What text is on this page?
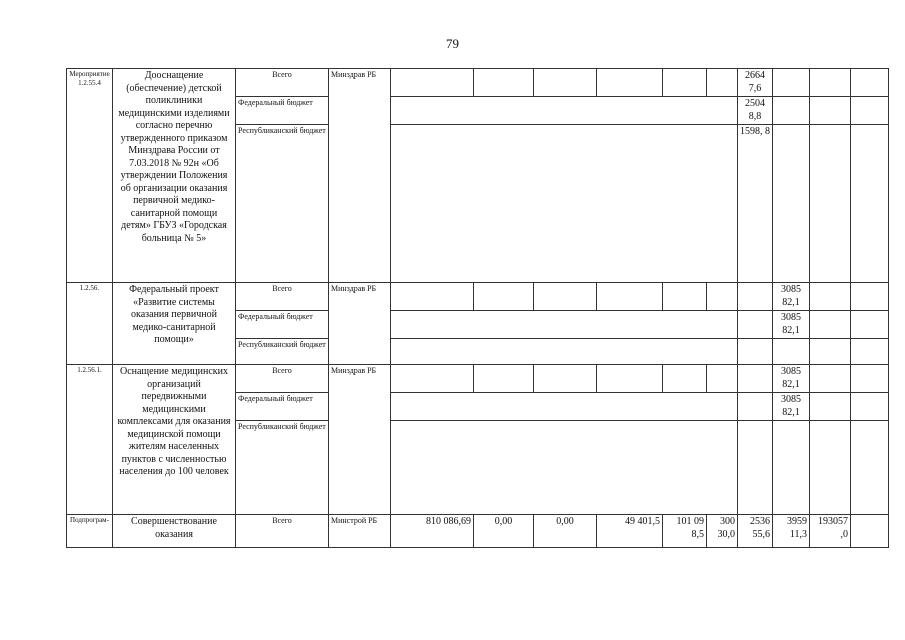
79
Мероприятие 1.2.55.4	Дооснащение (обеспечение) детской поликлиники медицинскими изделиями согласно перечню утвержденного приказом Минздрава России от 7.03.2018 № 92н «Об утверждении Положения об организации оказания первичной медико-санитарной помощи детям» ГБУЗ «Городская больница № 5»	Всего	Минздрав РБ							2664 7,6			
		Федеральный бюджет								2504 8,8			
		Республиканский бюджет								1598, 8			
1.2.56.	Федеральный проект «Развитие системы оказания первичной медико-санитарной помощи»	Всего	Минздрав РБ								3085 82,1		
		Федеральный бюджет									3085 82,1		
		Республиканский бюджет											
1.2.56.1.	Оснащение медицинских организаций передвижными медицинскими комплексами для оказания медицинской помощи жителям населенных пунктов с численностью населения до 100 человек	Всего	Минздрав РБ								3085 82,1		
		Федеральный бюджет									3085 82,1		
		Республиканский бюджет											
Подпрограм-	Совершенствование оказания	Всего	Минстрой РБ	810 086,69	0,00	0,00	49 401,5	101 09 8,5	300 30,0	2536 55,6	3959 11,3	193057 ,0	
